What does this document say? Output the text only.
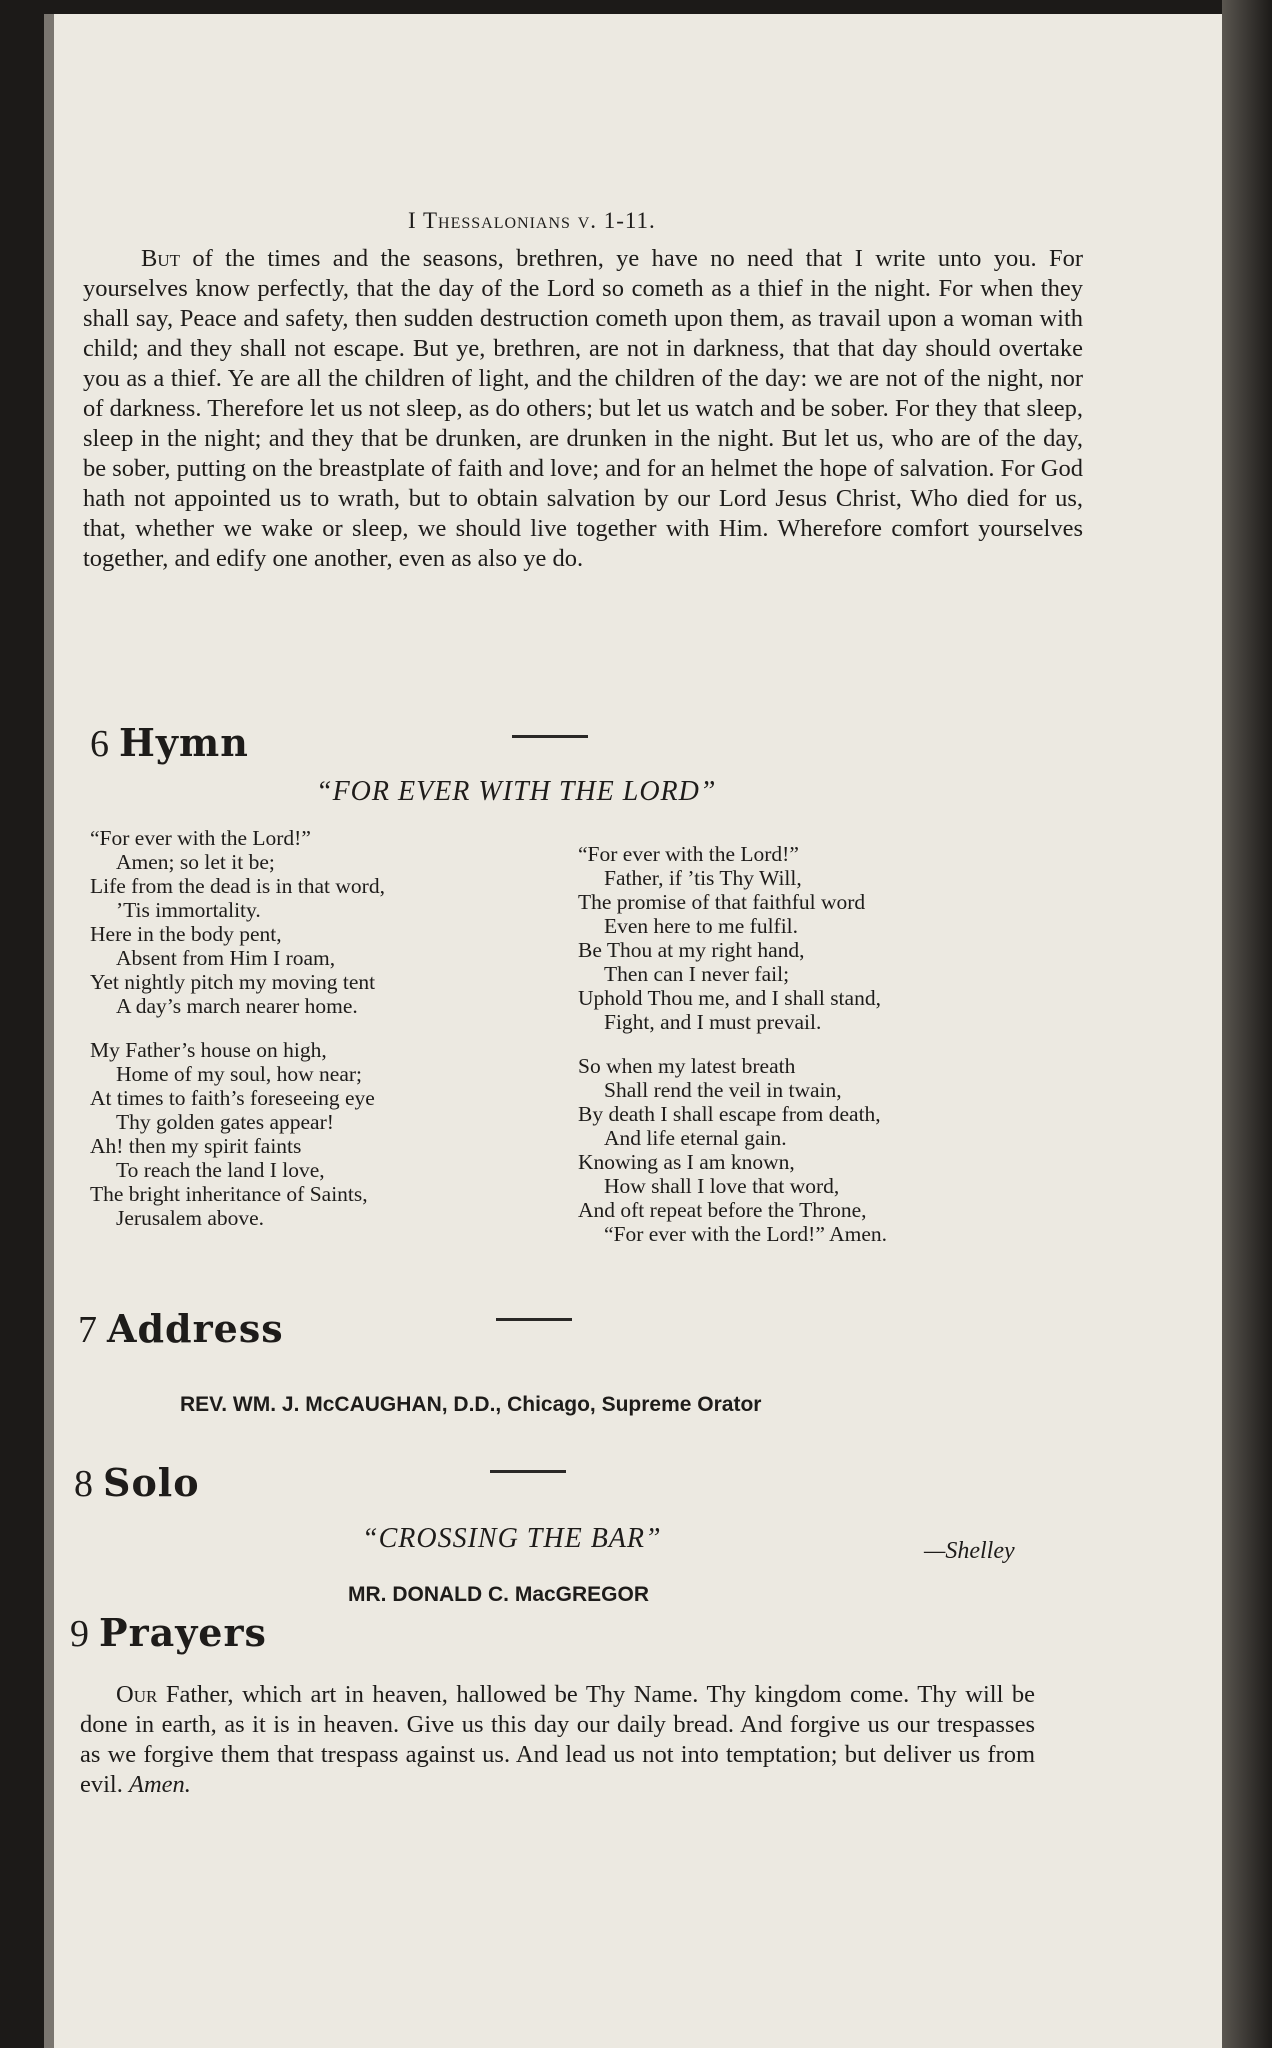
I Thessalonians v. 1-11.

But of the times and the seasons, brethren, ye have no need that I write unto you. For yourselves know perfectly, that the day of the Lord so cometh as a thief in the night. For when they shall say, Peace and safety, then sudden destruction cometh upon them, as travail upon a woman with child; and they shall not escape. But ye, brethren, are not in darkness, that that day should overtake you as a thief. Ye are all the children of light, and the children of the day: we are not of the night, nor of darkness. Therefore let us not sleep, as do others; but let us watch and be sober. For they that sleep, sleep in the night; and they that be drunken, are drunken in the night. But let us, who are of the day, be sober, putting on the breastplate of faith and love; and for an helmet the hope of salvation. For God hath not appointed us to wrath, but to obtain salvation by our Lord Jesus Christ, Who died for us, that, whether we wake or sleep, we should live together with Him. Wherefore comfort yourselves together, and edify one another, even as also ye do.

6 Hymn
“FOR EVER WITH THE LORD”
“For ever with the Lord!”
Amen; so let it be;
Life from the dead is in that word,
’Tis immortality.
Here in the body pent,
Absent from Him I roam,
Yet nightly pitch my moving tent
A day’s march nearer home.
My Father’s house on high,
Home of my soul, how near;
At times to faith’s foreseeing eye
Thy golden gates appear!
Ah! then my spirit faints
To reach the land I love,
The bright inheritance of Saints,
Jerusalem above.
“For ever with the Lord!”
Father, if ’tis Thy Will,
The promise of that faithful word
Even here to me fulfil.
Be Thou at my right hand,
Then can I never fail;
Uphold Thou me, and I shall stand,
Fight, and I must prevail.
So when my latest breath
Shall rend the veil in twain,
By death I shall escape from death,
And life eternal gain.
Knowing as I am known,
How shall I love that word,
And oft repeat before the Throne,
“For ever with the Lord!” Amen.
7 Address
REV. WM. J. McCAUGHAN, D.D., Chicago, Supreme Orator
8 Solo
“CROSSING THE BAR”	—Shelley
MR. DONALD C. MacGREGOR
9 Prayers

Our Father, which art in heaven, hallowed be Thy Name. Thy kingdom come. Thy will be done in earth, as it is in heaven. Give us this day our daily bread. And forgive us our trespasses as we forgive them that trespass against us. And lead us not into temptation; but deliver us from evil. Amen.
